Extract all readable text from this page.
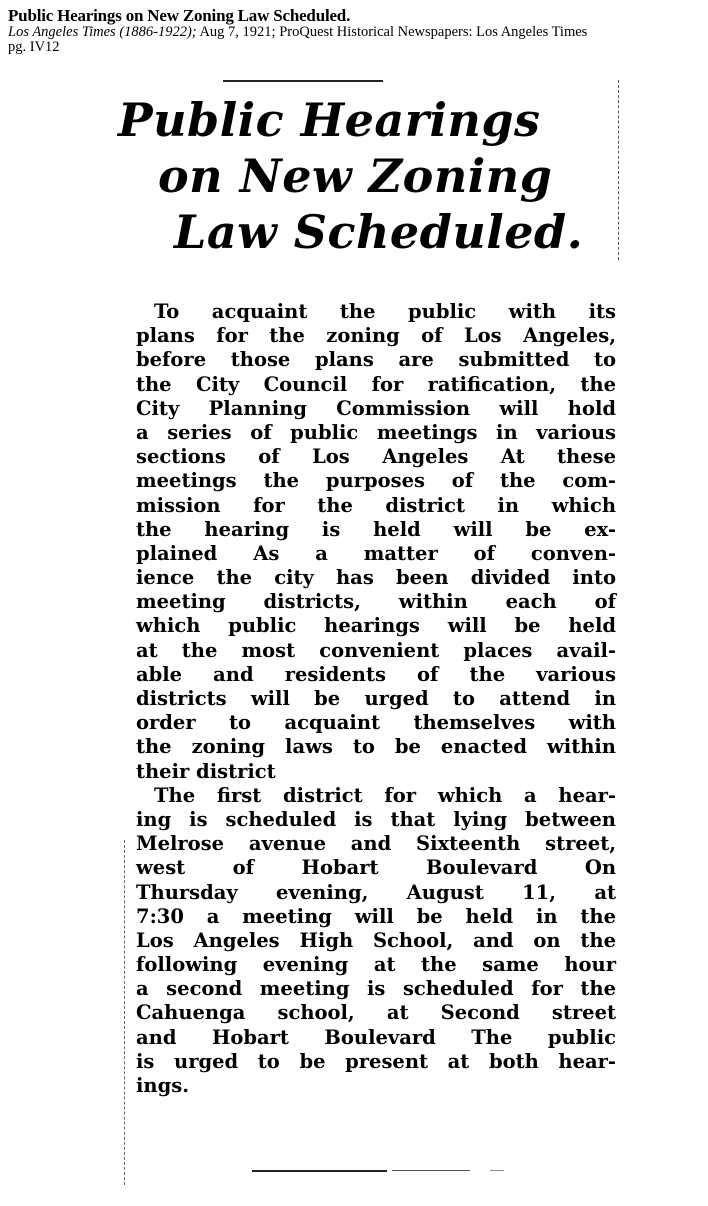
Public Hearings on New Zoning Law Scheduled.
Los Angeles Times (1886-1922); Aug 7, 1921; ProQuest Historical Newspapers: Los Angeles Times
pg. IV12
Public Hearings
on New Zoning
Law Scheduled.
To acquaint the public with its
plans for the zoning of Los Angeles,
before those plans are submitted to
the City Council for ratification, the
City Planning Commission will hold
a series of public meetings in various
sections of Los Angeles At these
meetings the purposes of the com-
mission for the district in which
the hearing is held will be ex-
plained As a matter of conven-
ience the city has been divided into
meeting districts, within each of
which public hearings will be held
at the most convenient places avail-
able and residents of the various
districts will be urged to attend in
order to acquaint themselves with
the zoning laws to be enacted within
their district
The first district for which a hear-
ing is scheduled is that lying between
Melrose avenue and Sixteenth street,
west of Hobart Boulevard On
Thursday evening, August 11, at
7:30 a meeting will be held in the
Los Angeles High School, and on the
following evening at the same hour
a second meeting is scheduled for the
Cahuenga school, at Second street
and Hobart Boulevard The public
is urged to be present at both hear-
ings.
